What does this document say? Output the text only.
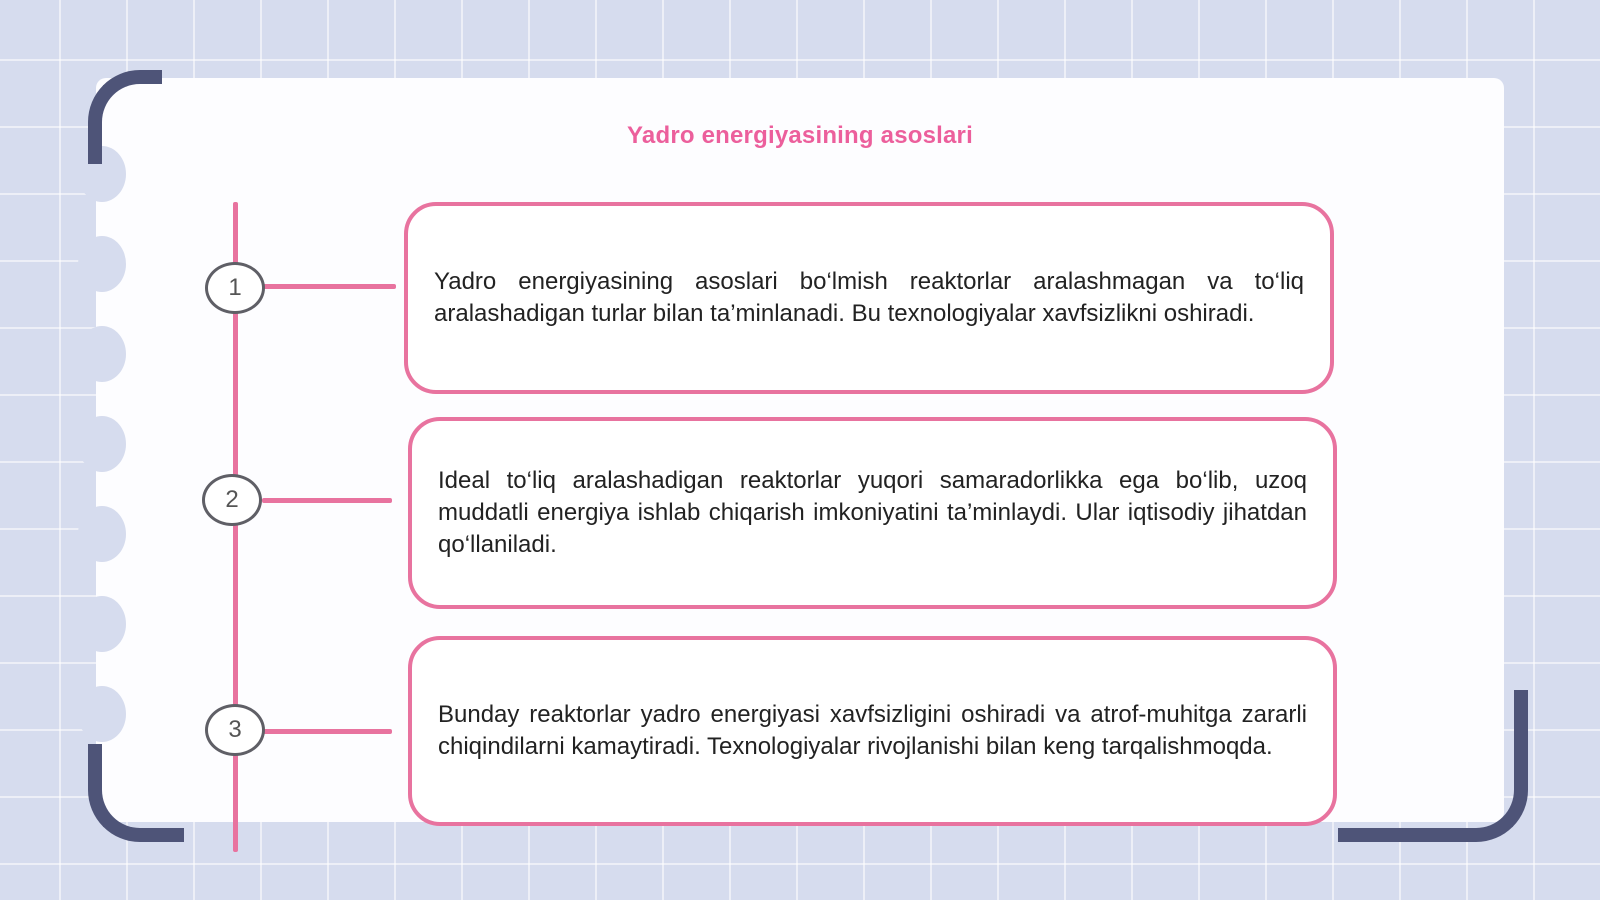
Yadro energiyasining asoslari
1	Yadro energiyasining asoslari bo‘lmish reaktorlar aralashmagan va to‘liq aralashadigan turlar bilan ta’minlanadi. Bu texnologiyalar xavfsizlikni oshiradi.

2

Ideal to‘liq aralashadigan reaktorlar yuqori samaradorlikka ega bo‘lib, uzoq muddatli energiya ishlab chiqarish imkoniyatini ta’minlaydi. Ular iqtisodiy jihatdan qo‘llaniladi.

3

Bunday reaktorlar yadro energiyasi xavfsizligini oshiradi va atrof-muhitga zararli chiqindilarni kamaytiradi. Texnologiyalar rivojlanishi bilan keng tarqalishmoqda.
